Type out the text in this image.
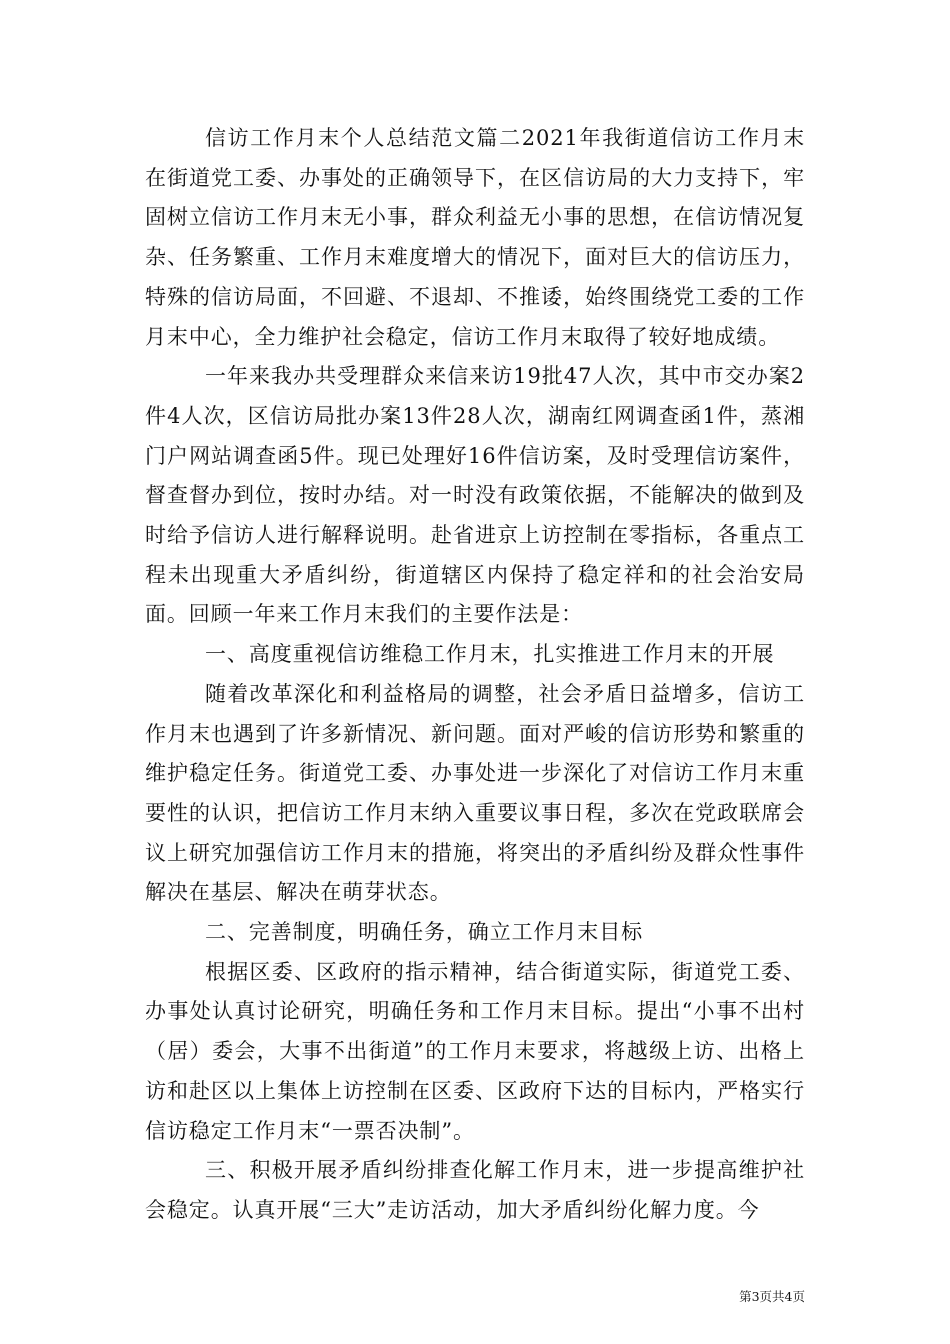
信访工作月末个人总结范文篇二2021年我街道信访工作月末在街道党工委、办事处的正确领导下，在区信访局的大力支持下，牢固树立信访工作月末无小事，群众利益无小事的思想，在信访情况复杂、任务繁重、工作月末难度增大的情况下，面对巨大的信访压力，特殊的信访局面，不回避、不退却、不推诿，始终围绕党工委的工作月末中心，全力维护社会稳定，信访工作月末取得了较好地成绩。

一年来我办共受理群众来信来访19批47人次，其中市交办案2件4人次，区信访局批办案13件28人次，湖南红网调查函1件，蒸湘门户网站调查函5件。现已处理好16件信访案，及时受理信访案件，督查督办到位，按时办结。对一时没有政策依据，不能解决的做到及时给予信访人进行解释说明。赴省进京上访控制在零指标，各重点工程未出现重大矛盾纠纷，街道辖区内保持了稳定祥和的社会治安局面。回顾一年来工作月末我们的主要作法是：

一、高度重视信访维稳工作月末，扎实推进工作月末的开展

随着改革深化和利益格局的调整，社会矛盾日益增多，信访工作月末也遇到了许多新情况、新问题。面对严峻的信访形势和繁重的维护稳定任务。街道党工委、办事处进一步深化了对信访工作月末重要性的认识，把信访工作月末纳入重要议事日程，多次在党政联席会议上研究加强信访工作月末的措施，将突出的矛盾纠纷及群众性事件解决在基层、解决在萌芽状态。

二、完善制度，明确任务，确立工作月末目标

根据区委、区政府的指示精神，结合街道实际，街道党工委、办事处认真讨论研究，明确任务和工作月末目标。提出“小事不出村（居）委会，大事不出街道”的工作月末要求，将越级上访、出格上访和赴区以上集体上访控制在区委、区政府下达的目标内，严格实行信访稳定工作月末“一票否决制”。

三、积极开展矛盾纠纷排查化解工作月末，进一步提高维护社会稳定。认真开展“三大”走访活动，加大矛盾纠纷化解力度。今

第3页共4页
